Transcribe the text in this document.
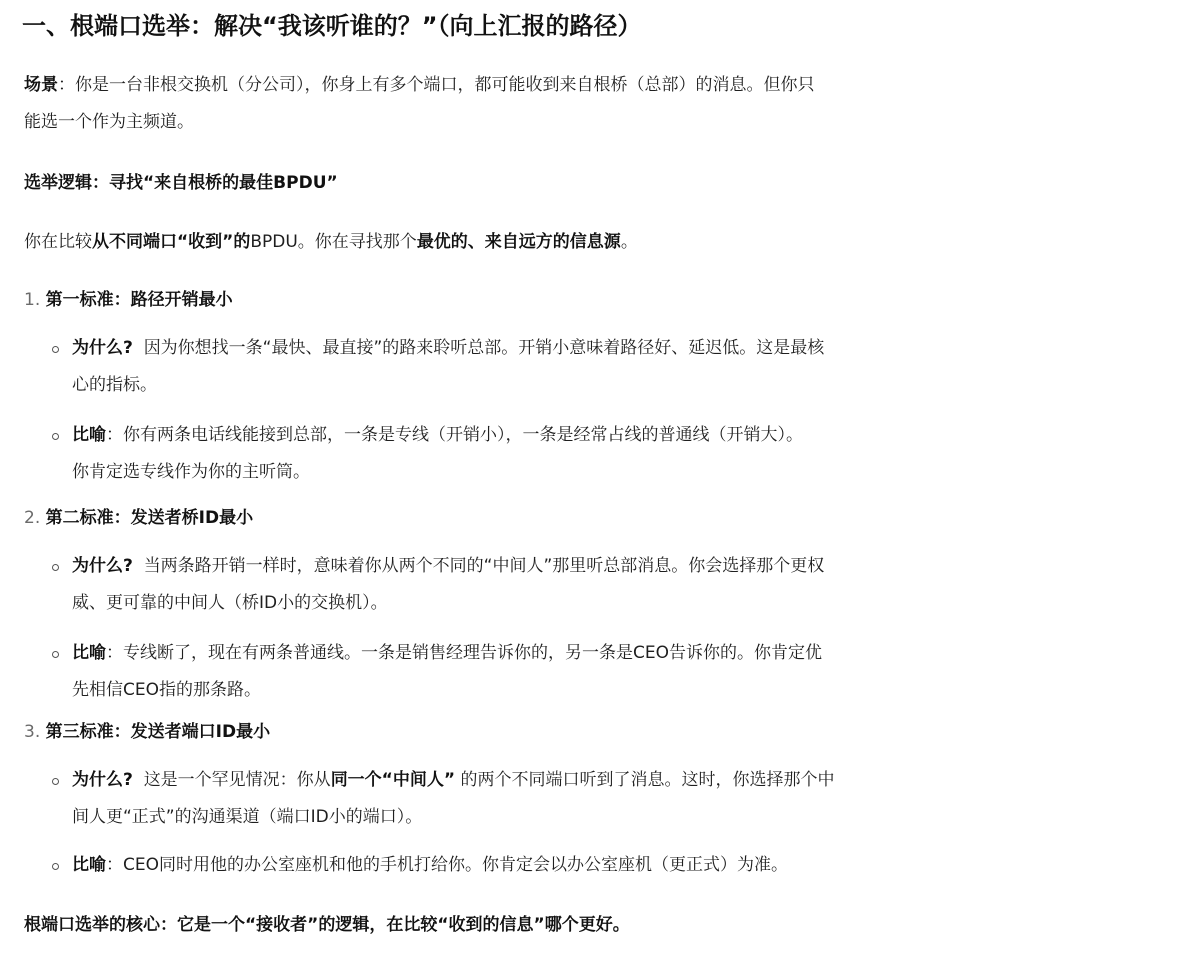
一、根端口选举：解决“我该听谁的？”（向上汇报的路径）
场景：你是一台非根交换机（分公司），你身上有多个端口，都可能收到来自根桥（总部）的消息。但你只
能选一个作为主频道。
选举逻辑：寻找“来自根桥的最佳BPDU”
你在比较从不同端口“收到”的BPDU。你在寻找那个最优的、来自远方的信息源。
1. 第一标准：路径开销最小
为什么? 因为你想找一条“最快、最直接”的路来聆听总部。开销小意味着路径好、延迟低。这是最核
心的指标。
比喻：你有两条电话线能接到总部，一条是专线（开销小），一条是经常占线的普通线（开销大）。
你肯定选专线作为你的主听筒。
2. 第二标准：发送者桥ID最小
为什么? 当两条路开销一样时，意味着你从两个不同的“中间人”那里听总部消息。你会选择那个更权
威、更可靠的中间人（桥ID小的交换机）。
比喻：专线断了，现在有两条普通线。一条是销售经理告诉你的，另一条是CEO告诉你的。你肯定优
先相信CEO指的那条路。
3. 第三标准：发送者端口ID最小
为什么? 这是一个罕见情况：你从同一个“中间人” 的两个不同端口听到了消息。这时，你选择那个中
间人更“正式”的沟通渠道（端口ID小的端口）。
比喻：CEO同时用他的办公室座机和他的手机打给你。你肯定会以办公室座机（更正式）为准。
根端口选举的核心：它是一个“接收者”的逻辑，在比较“收到的信息”哪个更好。
